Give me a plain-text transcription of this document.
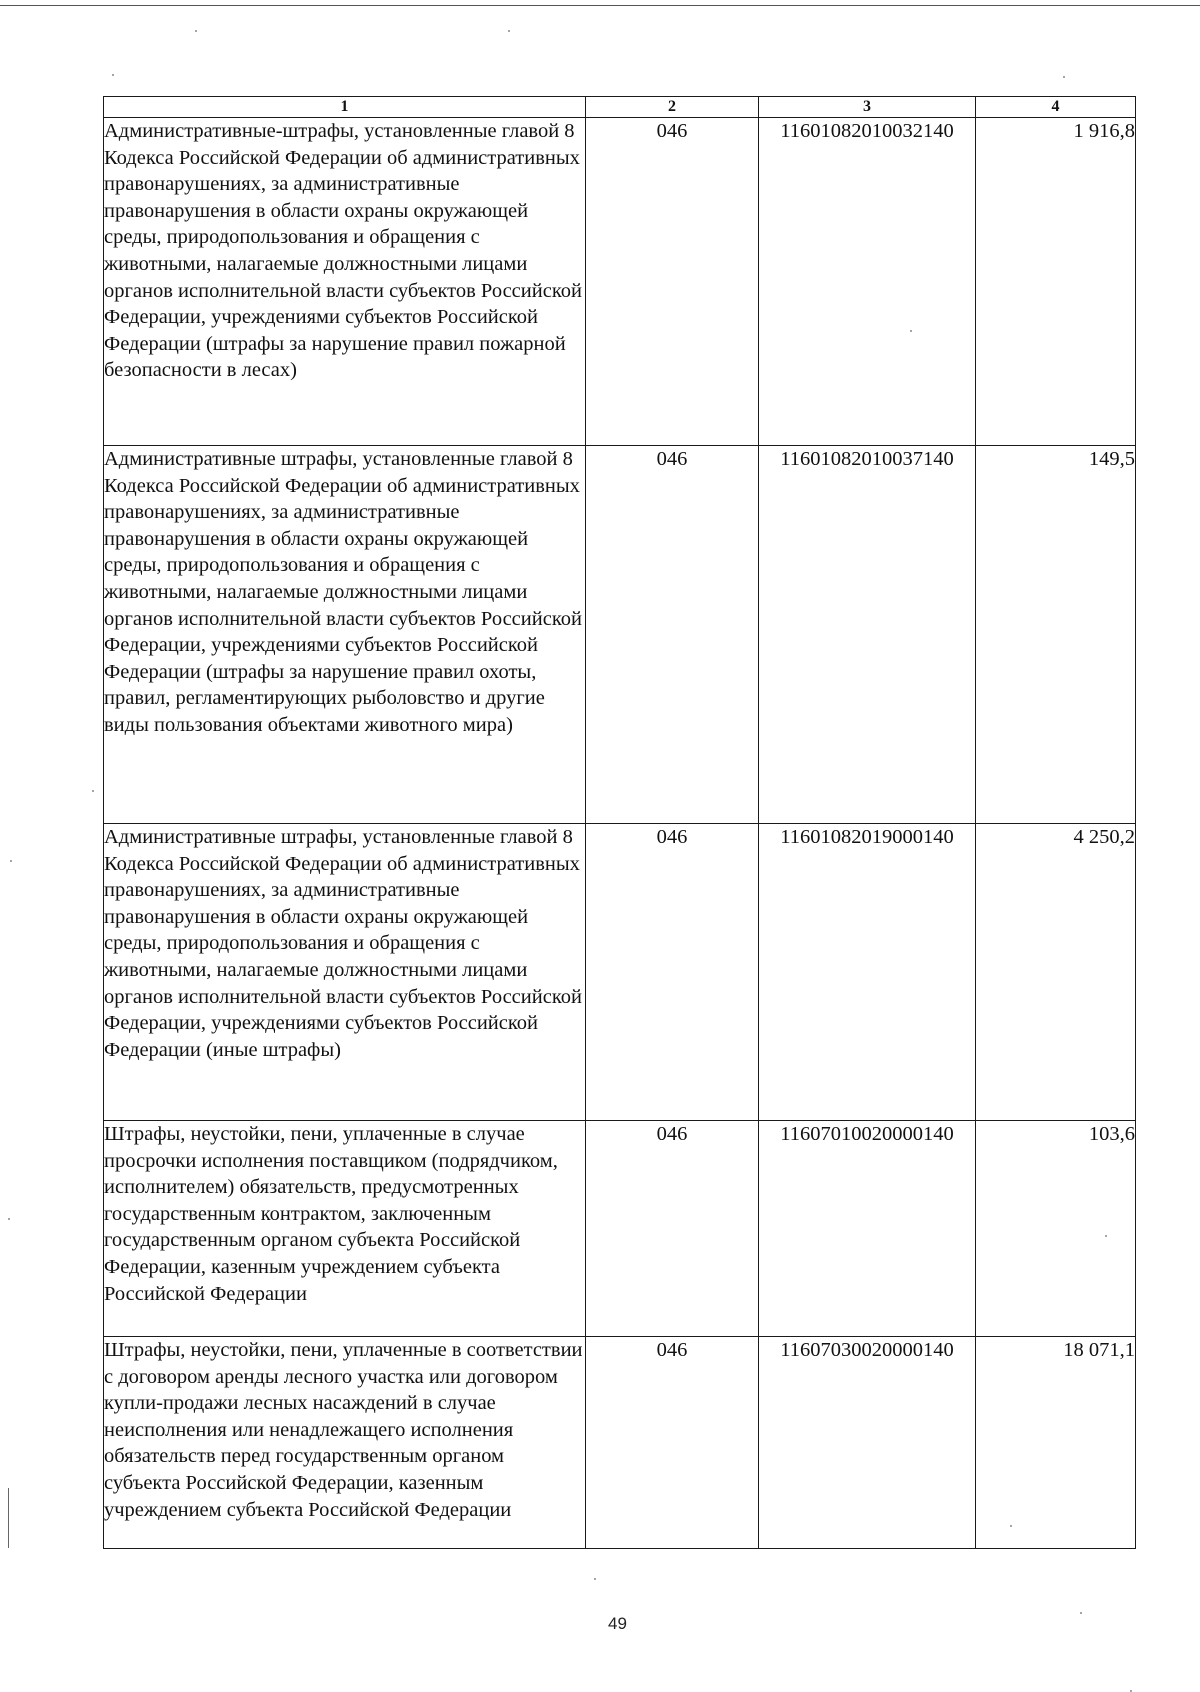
1	2	3	4
Административные-штрафы, установленные главой 8 Кодекса Российской Федерации об административных правонарушениях, за административные правонарушения в области охраны окружающей среды, природопользования и обращения с животными, налагаемые должностными лицами органов исполнительной власти субъектов Российской Федерации, учреждениями субъектов Российской Федерации (штрафы за нарушение правил пожарной безопасности в лесах)	046	11601082010032140	1 916,8
Административные штрафы, установленные главой 8 Кодекса Российской Федерации об административных правонарушениях, за административные правонарушения в области охраны окружающей среды, природопользования и обращения с животными, налагаемые должностными лицами органов исполнительной власти субъектов Российской Федерации, учреждениями субъектов Российской Федерации (штрафы за нарушение правил охоты, правил, регламентирующих рыболовство и другие виды пользования объектами животного мира)	046	11601082010037140	149,5
Административные штрафы, установленные главой 8 Кодекса Российской Федерации об административных правонарушениях, за административные правонарушения в области охраны окружающей среды, природопользования и обращения с животными, налагаемые должностными лицами органов исполнительной власти субъектов Российской Федерации, учреждениями субъектов Российской Федерации (иные штрафы)	046	11601082019000140	4 250,2
Штрафы, неустойки, пени, уплаченные в случае просрочки исполнения поставщиком (подрядчиком, исполнителем) обязательств, предусмотренных государственным контрактом, заключенным государственным органом субъекта Российской Федерации, казенным учреждением субъекта Российской Федерации	046	11607010020000140	103,6
Штрафы, неустойки, пени, уплаченные в соответствии с договором аренды лесного участка или договором купли-продажи лесных насаждений в случае неисполнения или ненадлежащего исполнения обязательств перед государственным органом субъекта Российской Федерации, казенным учреждением субъекта Российской Федерации	046	11607030020000140	18 071,1
49
